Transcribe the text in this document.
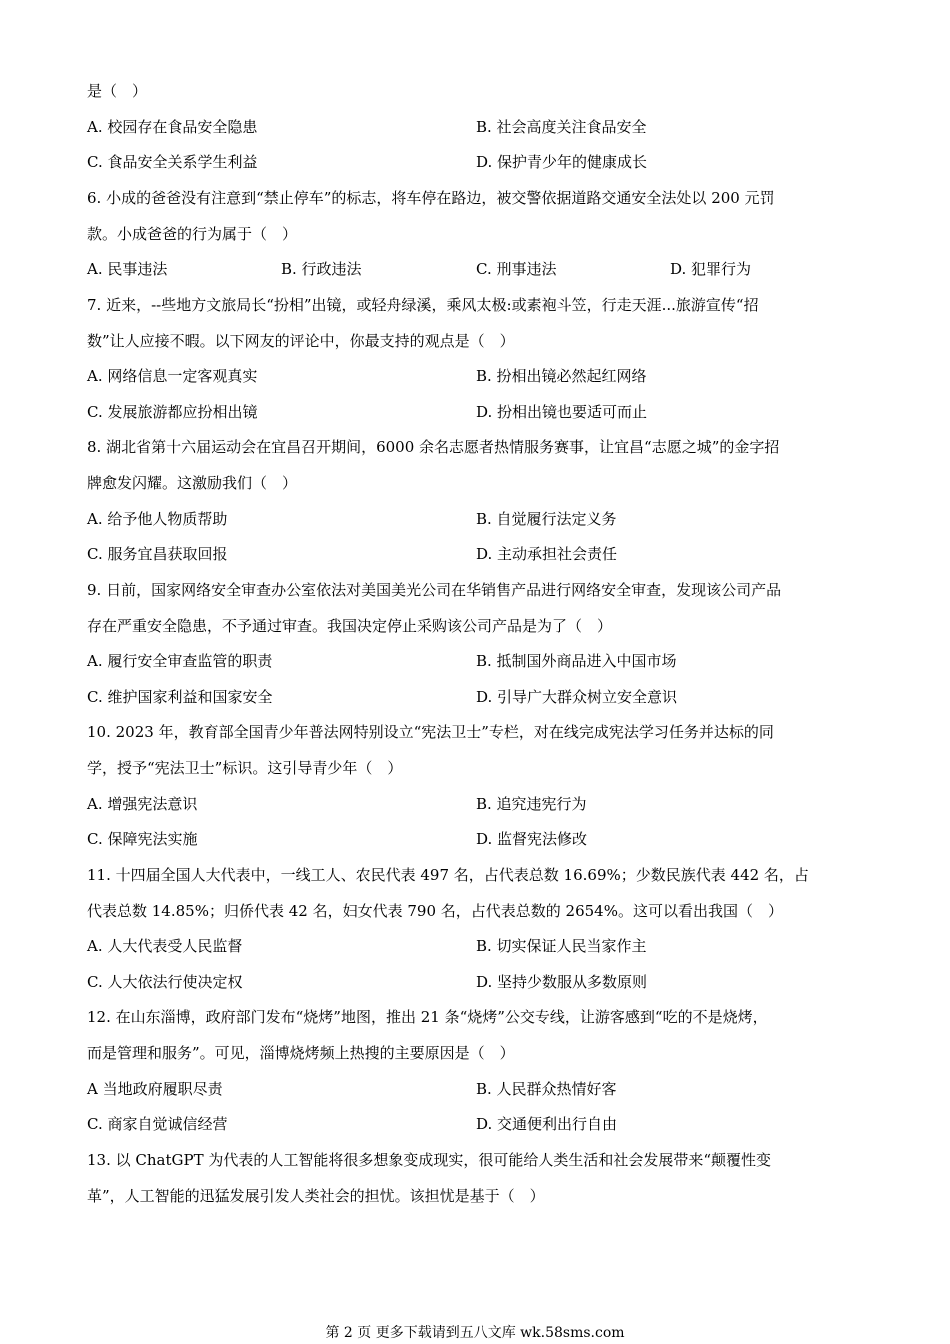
是（　）
A. 校园存在食品安全隐患	B. 社会高度关注食品安全
C. 食品安全关系学生利益	D. 保护青少年的健康成长
6. 小成的爸爸没有注意到“禁止停车”的标志，将车停在路边，被交警依据道路交通安全法处以 200 元罚
款。小成爸爸的行为属于（　）
A. 民事违法	B. 行政违法	C. 刑事违法	D. 犯罪行为
7. 近来，--些地方文旅局长“扮相”出镜，或轻舟绿溪，乘风太极:或素袍斗笠，行走天涯...旅游宣传“招
数”让人应接不暇。以下网友的评论中，你最支持的观点是（　）
A. 网络信息一定客观真实	B. 扮相出镜必然起红网络
C. 发展旅游都应扮相出镜	D. 扮相出镜也要适可而止
8. 湖北省第十六届运动会在宜昌召开期间，6000 余名志愿者热情服务赛事，让宜昌“志愿之城”的金字招
牌愈发闪耀。这激励我们（　）
A. 给予他人物质帮助	B. 自觉履行法定义务
C. 服务宜昌获取回报	D. 主动承担社会责任
9. 日前，国家网络安全审查办公室依法对美国美光公司在华销售产品进行网络安全审查，发现该公司产品
存在严重安全隐患，不予通过审查。我国决定停止采购该公司产品是为了（　）
A. 履行安全审查监管的职责	B. 抵制国外商品进入中国市场
C. 维护国家利益和国家安全	D. 引导广大群众树立安全意识
10. 2023 年，教育部全国青少年普法网特别设立“宪法卫士”专栏，对在线完成宪法学习任务并达标的同
学，授予“宪法卫士”标识。这引导青少年（　）
A. 增强宪法意识	B. 追究违宪行为
C. 保障宪法实施	D. 监督宪法修改
11. 十四届全国人大代表中，一线工人、农民代表 497 名，占代表总数 16.69%；少数民族代表 442 名，占
代表总数 14.85%；归侨代表 42 名，妇女代表 790 名，占代表总数的 2654%。这可以看出我国（　）
A. 人大代表受人民监督	B. 切实保证人民当家作主
C. 人大依法行使决定权	D. 坚持少数服从多数原则
12. 在山东淄博，政府部门发布“烧烤”地图，推出 21 条“烧烤”公交专线，让游客感到“吃的不是烧烤，
而是管理和服务”。可见，淄博烧烤频上热搜的主要原因是（　）
A 当地政府履职尽责	B. 人民群众热情好客
C. 商家自觉诚信经营	D. 交通便利出行自由
13. 以 ChatGPT 为代表的人工智能将很多想象变成现实，很可能给人类生活和社会发展带来“颠覆性变
革”，人工智能的迅猛发展引发人类社会的担忧。该担忧是基于（　）
第 2 页 更多下载请到五八文库 wk.58sms.com
